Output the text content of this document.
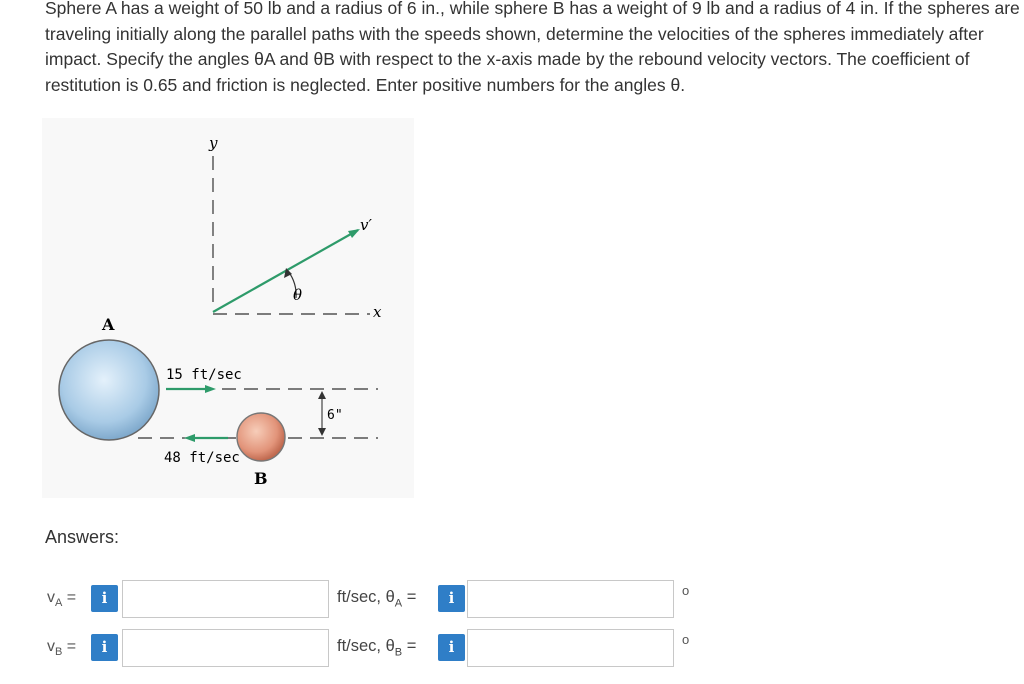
Sphere A has a weight of 50 lb and a radius of 6 in., while sphere B has a weight of 9 lb and a radius of 4 in. If the spheres are
traveling initially along the parallel paths with the speeds shown, determine the velocities of the spheres immediately after
impact. Specify the angles θA and θB with respect to the x-axis made by the rebound velocity vectors. The coefficient of
restitution is 0.65 and friction is neglected. Enter positive numbers for the angles θ.
y
x
v′
θ
A
15 ft/sec
48 ft/sec
B
6"
Answers:
$v_A$ =	i	ft/sec, $\theta_A$ =	i	o
$v_B$ =	i	ft/sec, $\theta_B$ =	i	o
